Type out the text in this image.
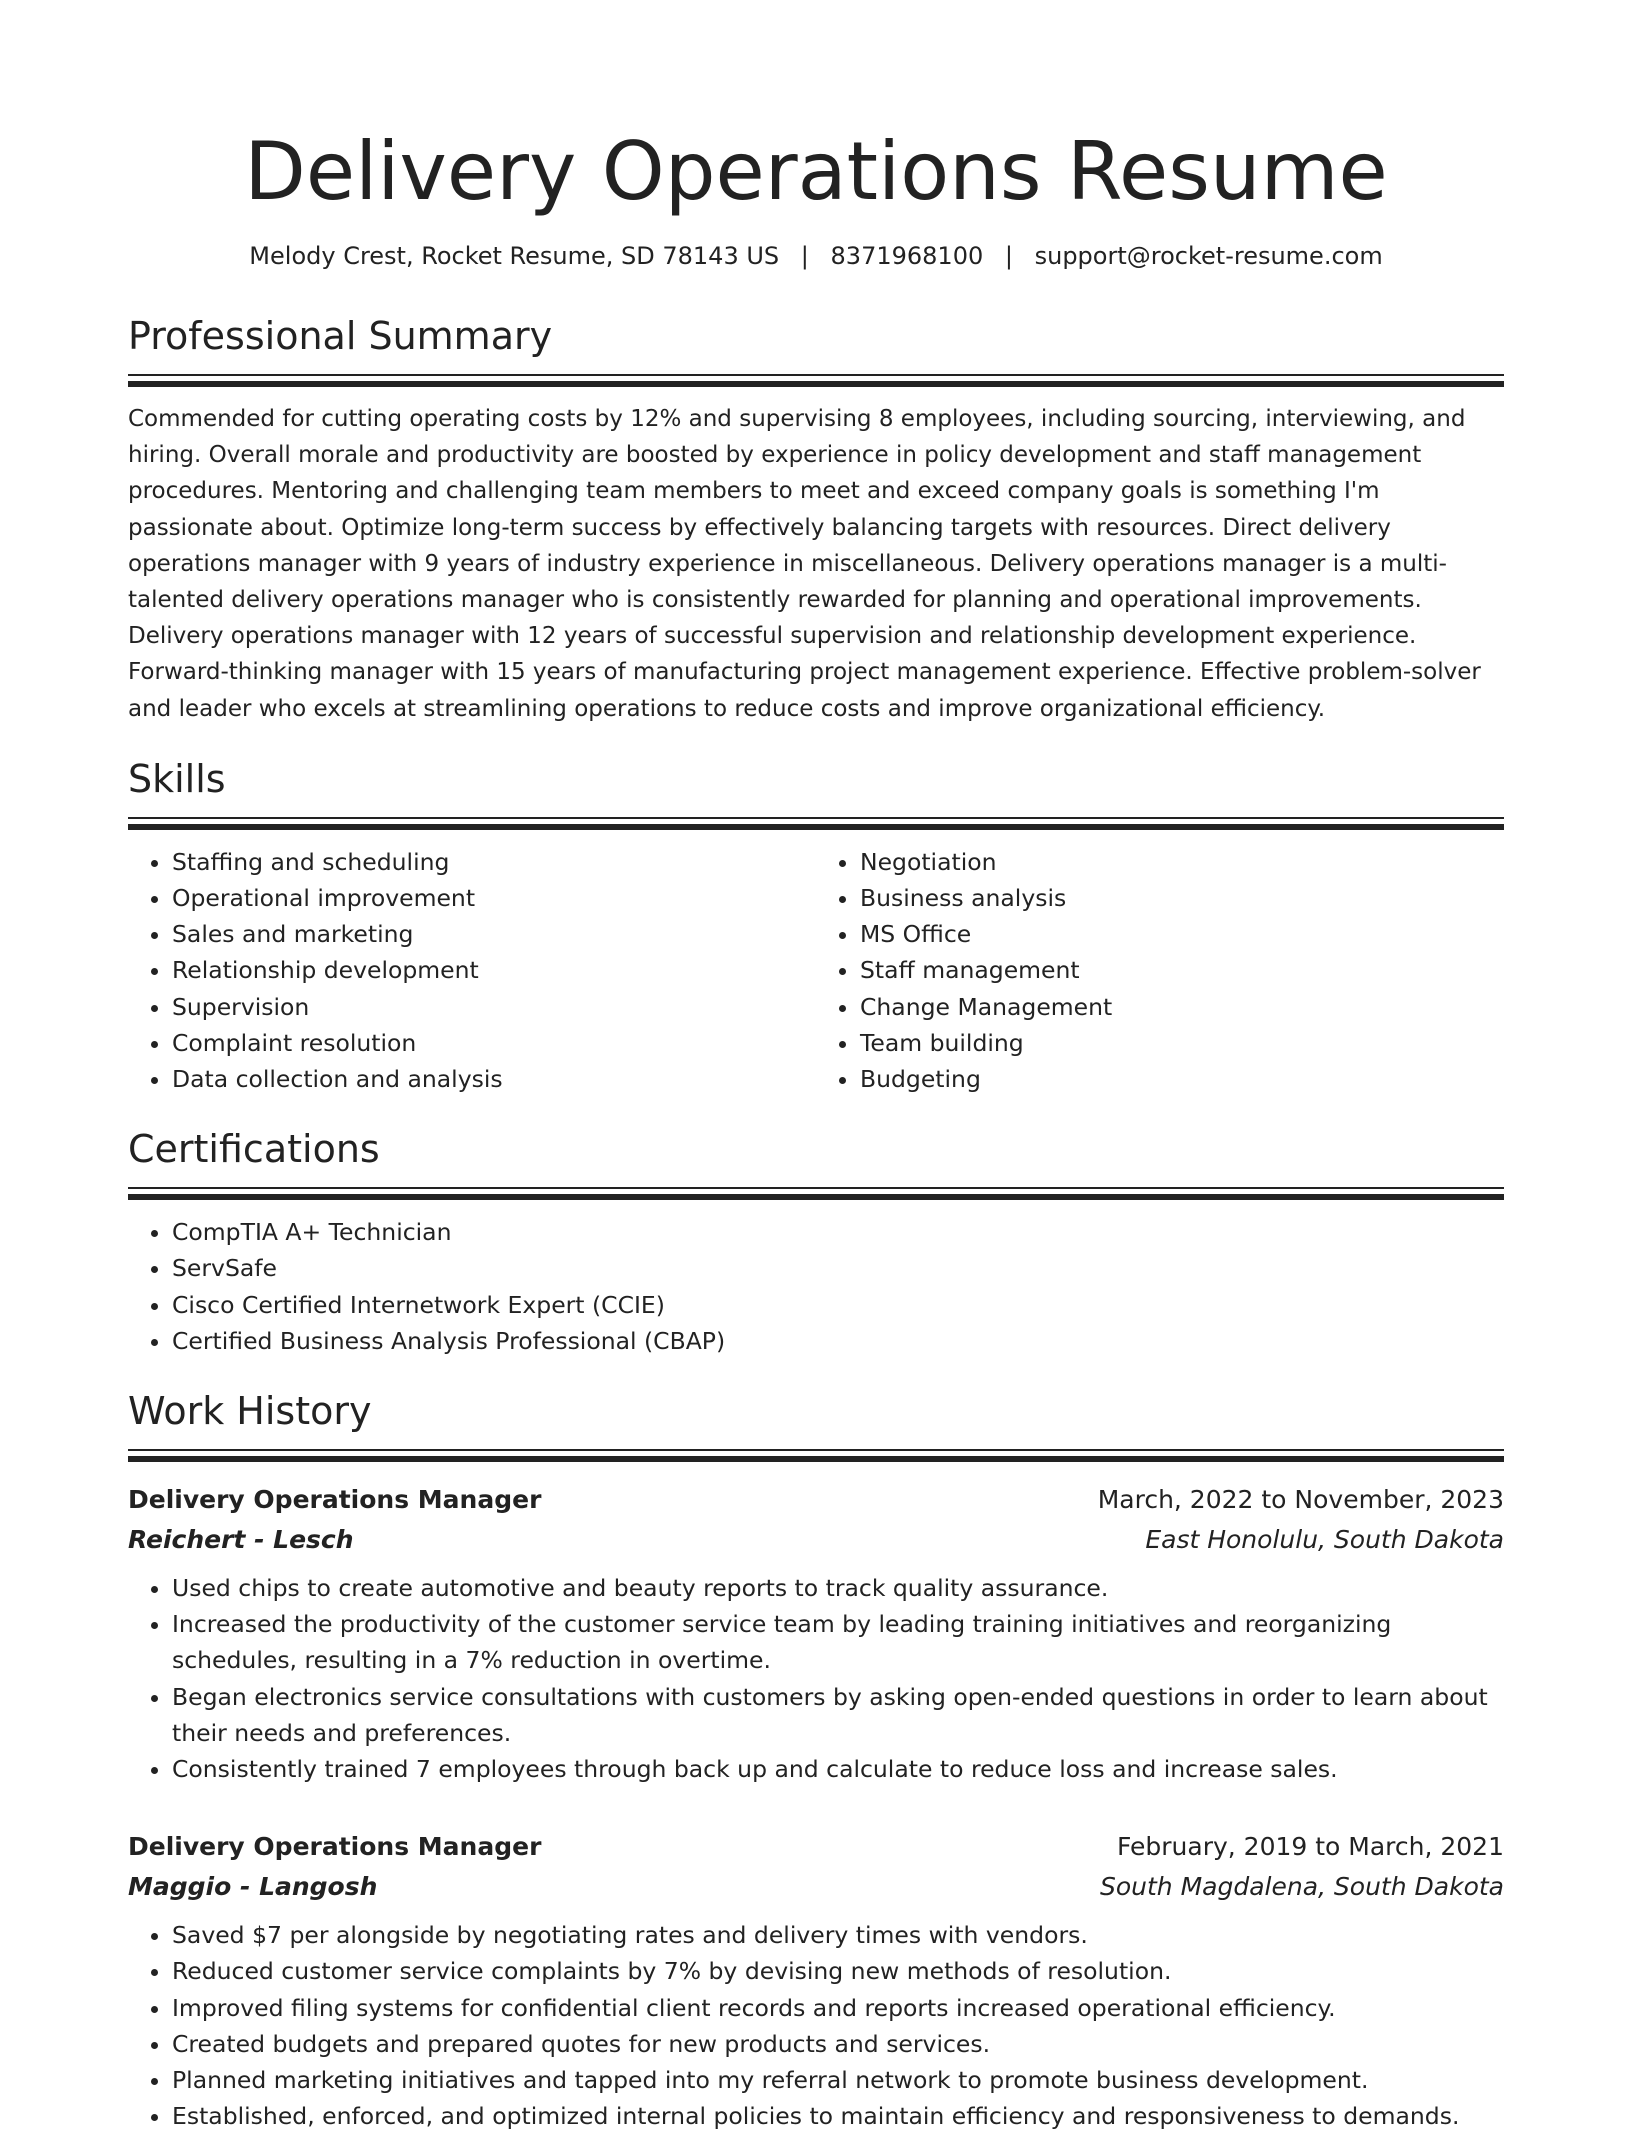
Delivery Operations Resume
Melody Crest, Rocket Resume, SD 78143 US | 8371968100 | support@rocket-resume.com
Professional Summary

Commended for cutting operating costs by 12% and supervising 8 employees, including sourcing, interviewing, and hiring. Overall morale and productivity are boosted by experience in policy development and staff management procedures. Mentoring and challenging team members to meet and exceed company goals is something I'm passionate about. Optimize long-term success by effectively balancing targets with resources. Direct delivery operations manager with 9 years of industry experience in miscellaneous. Delivery operations manager is a multi-talented delivery operations manager who is consistently rewarded for planning and operational improvements. Delivery operations manager with 12 years of successful supervision and relationship development experience. Forward-thinking manager with 15 years of manufacturing project management experience. Effective problem-solver and leader who excels at streamlining operations to reduce costs and improve organizational efficiency.

Skills
• Staffing and scheduling
• Operational improvement
• Sales and marketing
• Relationship development
• Supervision
• Complaint resolution
• Data collection and analysis
• Negotiation
• Business analysis
• MS Office
• Staff management
• Change Management
• Team building
• Budgeting
Certifications
• CompTIA A+ Technician
• ServSafe
• Cisco Certified Internetwork Expert (CCIE)
• Certified Business Analysis Professional (CBAP)
Work History
Delivery Operations Manager	March, 2022 to November, 2023
Reichert - Lesch	East Honolulu, South Dakota
• Used chips to create automotive and beauty reports to track quality assurance.
• Increased the productivity of the customer service team by leading training initiatives and reorganizing schedules, resulting in a 7% reduction in overtime.
• Began electronics service consultations with customers by asking open-ended questions in order to learn about their needs and preferences.
• Consistently trained 7 employees through back up and calculate to reduce loss and increase sales.
Delivery Operations Manager	February, 2019 to March, 2021
Maggio - Langosh	South Magdalena, South Dakota
• Saved $7 per alongside by negotiating rates and delivery times with vendors.
• Reduced customer service complaints by 7% by devising new methods of resolution.
• Improved filing systems for confidential client records and reports increased operational efficiency.
• Created budgets and prepared quotes for new products and services.
• Planned marketing initiatives and tapped into my referral network to promote business development.
• Established, enforced, and optimized internal policies to maintain efficiency and responsiveness to demands.
